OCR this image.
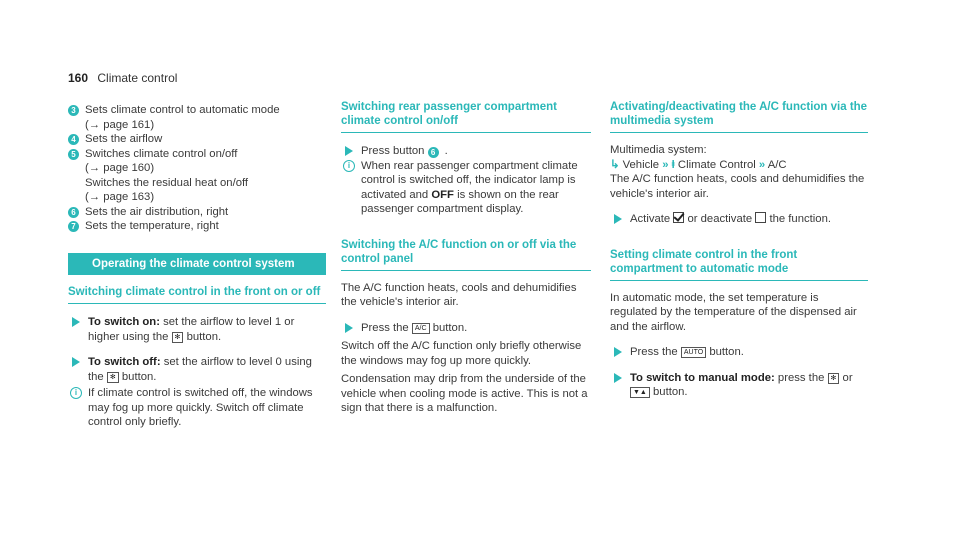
160 Climate control
3 Sets climate control to automatic mode
(→ page 161)
4 Sets the airflow
5 Switches climate control on/off
(→ page 160)
Switches the residual heat on/off
(→ page 163)
6 Sets the air distribution, right
7 Sets the temperature, right
Operating the climate control system
Switching climate control in the front on or off
To switch on: set the airflow to level 1 or higher using the ✻ button.
To switch off: set the airflow to level 0 using the ✻ button.
i If climate control is switched off, the windows may fog up more quickly. Switch off climate control only briefly.
Switching rear passenger compartment climate control on/off
Press button 6 .
i When rear passenger compartment climate control is switched off, the indicator lamp is activated and OFF is shown on the rear passenger compartment display.
Switching the A/C function on or off via the control panel
The A/C function heats, cools and dehumidifies the vehicle's interior air.
Press the A/C button.
Switch off the A/C function only briefly otherwise the windows may fog up more quickly.
Condensation may drip from the underside of the vehicle when cooling mode is active. This is not a sign that there is a malfunction.
Activating/deactivating the A/C function via the multimedia system
Multimedia system:
↳ Vehicle » ⱡ Climate Control » A/C
The A/C function heats, cools and dehumidifies the vehicle's interior air.
Activate or deactivate the function.
Setting climate control in the front compartment to automatic mode
In automatic mode, the set temperature is regulated by the temperature of the dispensed air and the airflow.
Press the AUTO button.
To switch to manual mode: press the ✻ or ▼▲ button.
